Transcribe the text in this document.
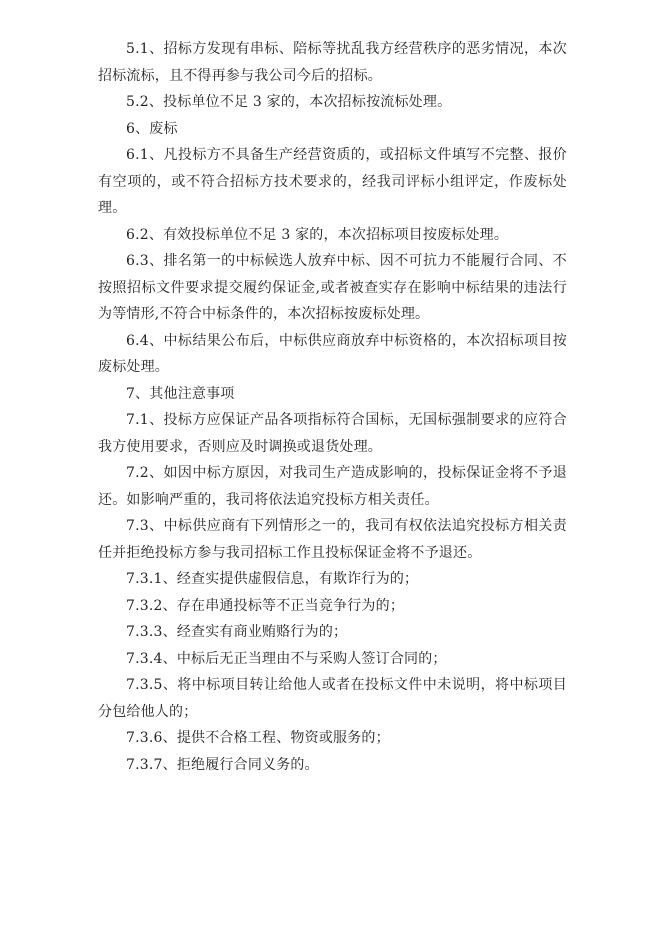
5.1、招标方发现有串标、陪标等扰乱我方经营秩序的恶劣情况，本次招标流标，且不得再参与我公司今后的招标。

5.2、投标单位不足 3 家的，本次招标按流标处理。

6、废标

6.1、凡投标方不具备生产经营资质的，或招标文件填写不完整、报价有空项的，或不符合招标方技术要求的，经我司评标小组评定，作废标处理。

6.2、有效投标单位不足 3 家的，本次招标项目按废标处理。

6.3、排名第一的中标候选人放弃中标、因不可抗力不能履行合同、不按照招标文件要求提交履约保证金,或者被查实存在影响中标结果的违法行为等情形,不符合中标条件的，本次招标按废标处理。

6.4、中标结果公布后，中标供应商放弃中标资格的，本次招标项目按废标处理。

7、其他注意事项

7.1、投标方应保证产品各项指标符合国标，无国标强制要求的应符合我方使用要求，否则应及时调换或退货处理。

7.2、如因中标方原因，对我司生产造成影响的，投标保证金将不予退还。如影响严重的，我司将依法追究投标方相关责任。

7.3、中标供应商有下列情形之一的，我司有权依法追究投标方相关责任并拒绝投标方参与我司招标工作且投标保证金将不予退还。

7.3.1、经查实提供虚假信息，有欺诈行为的；

7.3.2、存在串通投标等不正当竞争行为的；

7.3.3、经查实有商业贿赂行为的；

7.3.4、中标后无正当理由不与采购人签订合同的；

7.3.5、将中标项目转让给他人或者在投标文件中未说明，将中标项目分包给他人的；

7.3.6、提供不合格工程、物资或服务的；

7.3.7、拒绝履行合同义务的。
